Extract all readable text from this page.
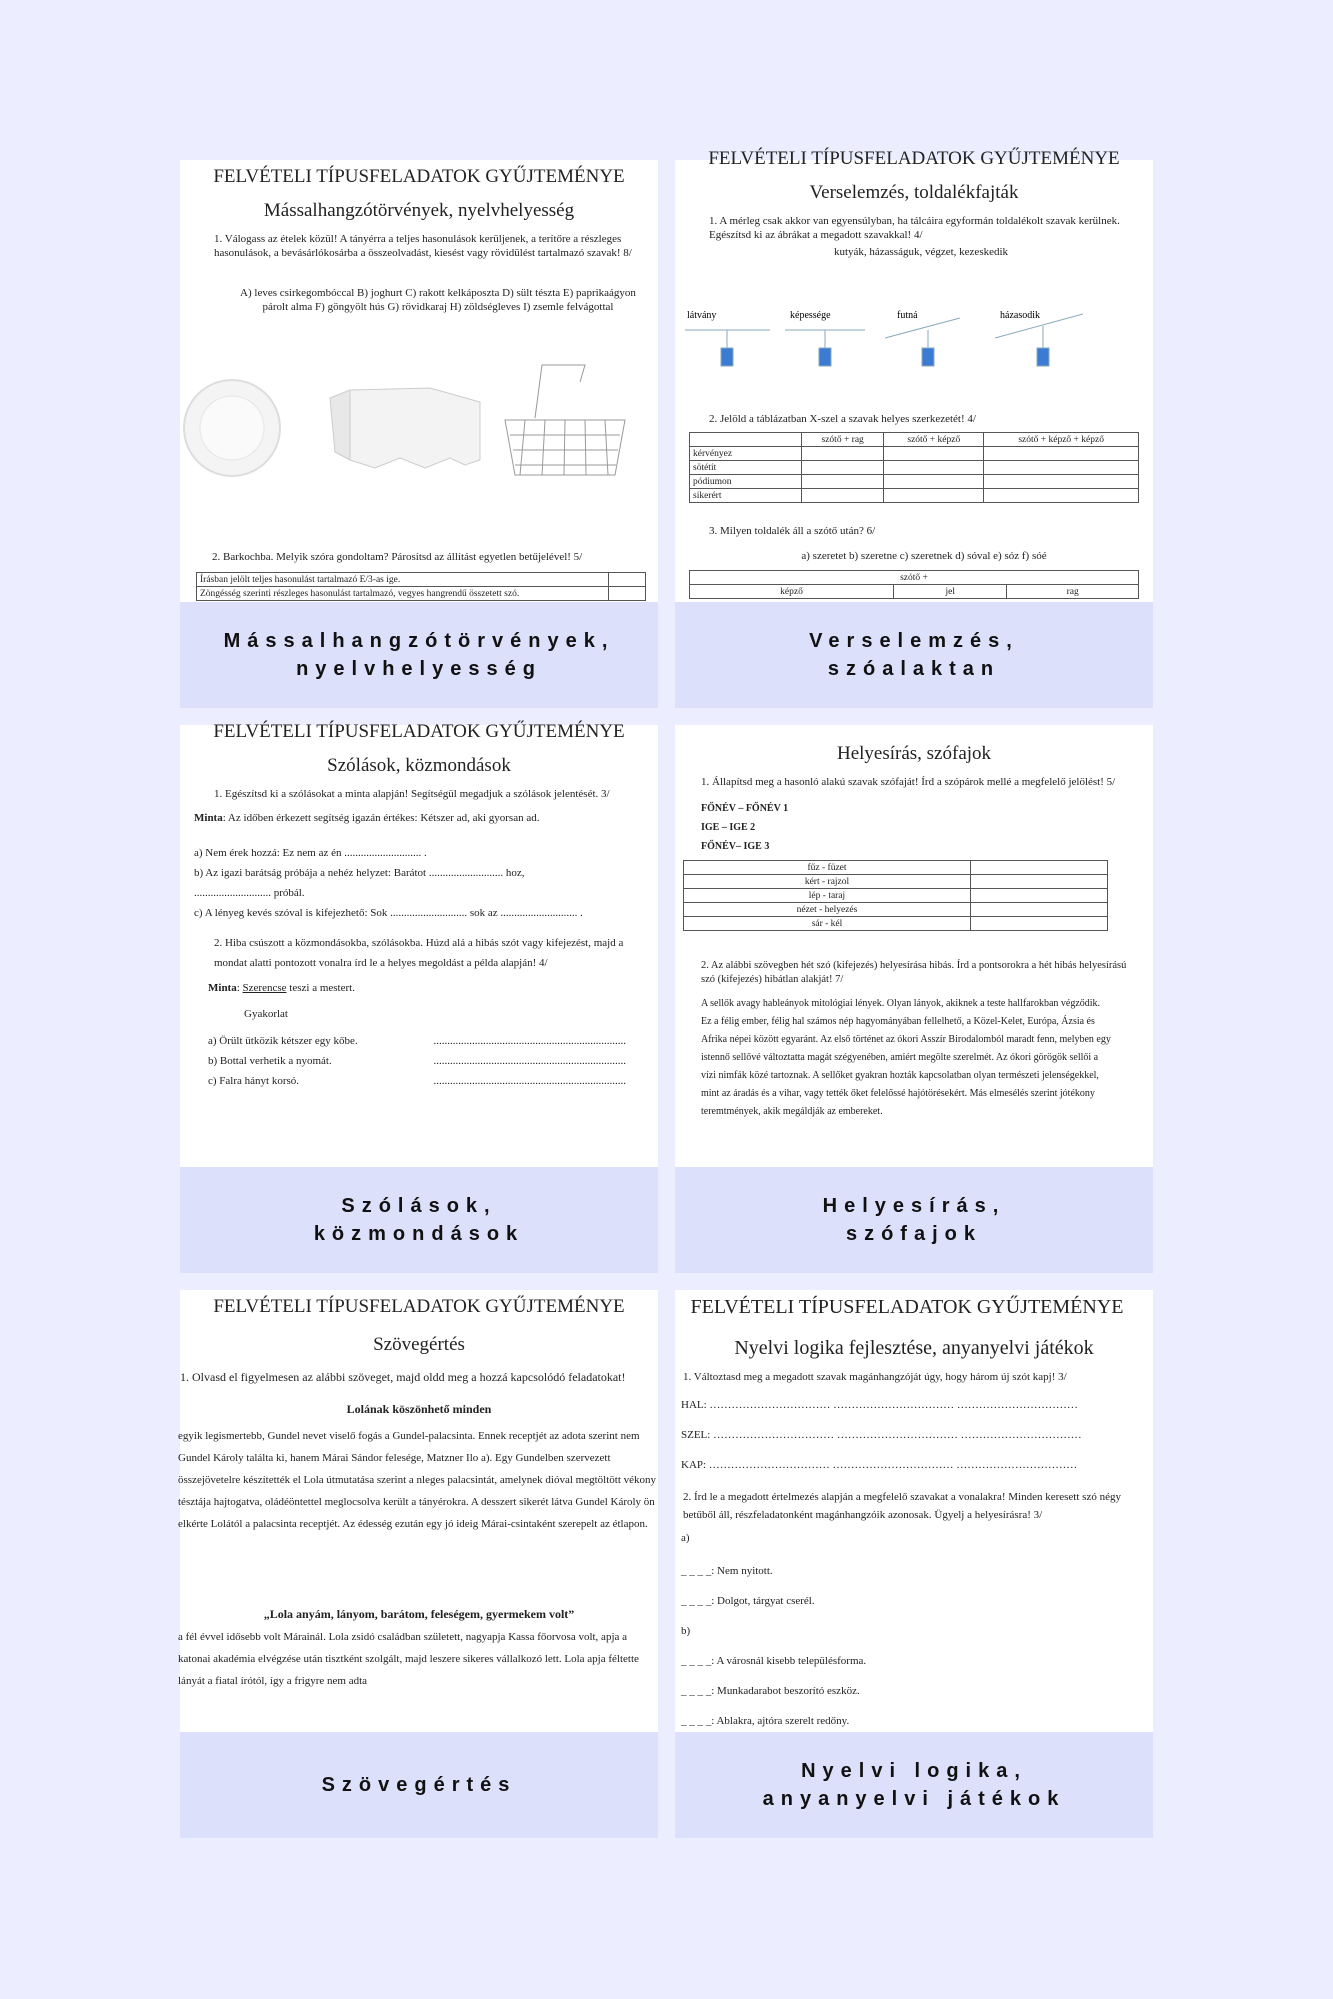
FELVÉTELI TÍPUSFELADATOK GYŰJTEMÉNYE
Mássalhangzótörvények, nyelvhelyesség
1. Válogass az ételek közül! A tányérra a teljes hasonulások kerüljenek, a terítőre a részleges hasonulások, a bevásárlókosárba a összeolvadást, kiesést vagy rövidülést tartalmazó szavak! 8/
A) leves csirkegombóccal B) joghurt C) rakott kelkáposzta D) sült tészta E) paprikaágyon párolt alma F) göngyölt hús G) rövidkaraj H) zöldségleves I) zsemle felvágottal
2. Barkochba. Melyik szóra gondoltam? Párosítsd az állítást egyetlen betűjelével! 5/
Írásban jelölt teljes hasonulást tartalmazó E/3-as ige.	
Zöngésség szerinti részleges hasonulást tartalmazó, vegyes hangrendű összetett szó.	
Mássalhangzótörvények,
nyelvhelyesség
FELVÉTELI TÍPUSFELADATOK GYŰJTEMÉNYE
Verselemzés, toldalékfajták
1. A mérleg csak akkor van egyensúlyban, ha tálcáira egyformán toldalékolt szavak kerülnek. Egészítsd ki az ábrákat a megadott szavakkal! 4/
kutyák, házasságuk, végzet, kezeskedik
látvány	képessége	futná	házasodik
2. Jelöld a táblázatban X-szel a szavak helyes szerkezetét! 4/
	szótő + rag	szótő + képző	szótő + képző + képző
kérvényez			
sötétít			
pódiumon			
sikerért			
3. Milyen toldalék áll a szótő után? 6/
a) szeretet b) szeretne c) szeretnek d) sóval e) sóz f) sóé
szótő +
képző	jel	rag
Verselemzés,
szóalaktan
FELVÉTELI TÍPUSFELADATOK GYŰJTEMÉNYE
Szólások, közmondások
1. Egészítsd ki a szólásokat a minta alapján! Segítségül megadjuk a szólások jelentését. 3/
Minta: Az időben érkezett segítség igazán értékes: Kétszer ad, aki gyorsan ad.
a) Nem érek hozzá: Ez nem az én ............................ .
b) Az igazi barátság próbája a nehéz helyzet: Barátot ........................... hoz,
............................ próbál.
c) A lényeg kevés szóval is kifejezhető: Sok ............................ sok az ............................ .
2. Hiba csúszott a közmondásokba, szólásokba. Húzd alá a hibás szót vagy kifejezést, majd a mondat alatti pontozott vonalra írd le a helyes megoldást a példa alapján! 4/
Minta: Szerencse teszi a mestert.
Gyakorlat
a) Örült ütközik kétszer egy kőbe.	......................................................................
b) Bottal verhetik a nyomát.	......................................................................
c) Falra hányt korsó.	......................................................................
Szólások,
közmondások
Helyesírás, szófajok
1. Állapítsd meg a hasonló alakú szavak szófaját! Írd a szópárok mellé a megfelelő jelölést! 5/
FŐNÉV – FŐNÉV 1
IGE – IGE 2
FŐNÉV– IGE 3
fűz - füzet	
kért - rajzol	
lép - taraj	
nézet - helyezés	
sár - kél	
2. Az alábbi szövegben hét szó (kifejezés) helyesírása hibás. Írd a pontsorokra a hét hibás helyesírású szó (kifejezés) hibátlan alakját! 7/
A sellők avagy hableányok mitológiai lények. Olyan lányok, akiknek a teste hallfarokban végződik. Ez a félig ember, félig hal számos nép hagyományában fellelhető, a Közel-Kelet, Európa, Ázsia és Afrika népei között egyaránt. Az első történet az ókori Asszír Birodalomból maradt fenn, melyben egy istennő sellővé változtatta magát szégyenében, amiért megölte szerelmét. Az ókori görögök sellői a vízi nimfák közé tartoznak. A sellőket gyakran hozták kapcsolatban olyan természeti jelenségekkel, mint az áradás és a vihar, vagy tették őket felelőssé hajótörésekért. Más elmesélés szerint jótékony teremtmények, akik megáldják az embereket.
Helyesírás,
szófajok
FELVÉTELI TÍPUSFELADATOK GYŰJTEMÉNYE
Szövegértés
1. Olvasd el figyelmesen az alábbi szöveget, majd oldd meg a hozzá kapcsolódó feladatokat!
Lolának köszönhető minden
egyik legismertebb, Gundel nevet viselő fogás a Gundel-palacsinta. Ennek receptjét az adota szerint nem Gundel Károly találta ki, hanem Márai Sándor felesége, Matzner Ilo a). Egy Gundelben szervezett összejövetelre készítették el Lola útmutatása szerint a nleges palacsintát, amelynek dióval megtöltött vékony tésztája hajtogatva, oládéöntettel meglocsolva került a tányérokra. A desszert sikerét látva Gundel Károly ön elkérte Lolától a palacsinta receptjét. Az édesség ezután egy jó ideig Márai-csintaként szerepelt az étlapon.
„Lola anyám, lányom, barátom, feleségem, gyermekem volt”
a fél évvel idősebb volt Márainál. Lola zsidó családban született, nagyapja Kassa főorvosa volt, apja a katonai akadémia elvégzése után tisztként szolgált, majd leszere sikeres vállalkozó lett. Lola apja féltette lányát a fiatal írótól, így a frigyre nem adta
Szövegértés
FELVÉTELI TÍPUSFELADATOK GYŰJTEMÉNYE
Nyelvi logika fejlesztése, anyanyelvi játékok
1. Változtasd meg a megadott szavak magánhangzóját úgy, hogy három új szót kapj! 3/
HAL: …………………………… …………………………… ……………………………
SZEL: …………………………… …………………………… ……………………………
KAP: …………………………… …………………………… ……………………………
2. Írd le a megadott értelmezés alapján a megfelelő szavakat a vonalakra! Minden keresett szó négy betűből áll, részfeladatonként magánhangzóik azonosak. Ügyelj a helyesírásra! 3/
a)
_ _ _ _: Nem nyitott.
_ _ _ _: Dolgot, tárgyat cserél.
b)
_ _ _ _: A városnál kisebb településforma.
_ _ _ _: Munkadarabot beszorító eszköz.
_ _ _ _: Ablakra, ajtóra szerelt redőny.
Nyelvi logika,
anyanyelvi játékok
